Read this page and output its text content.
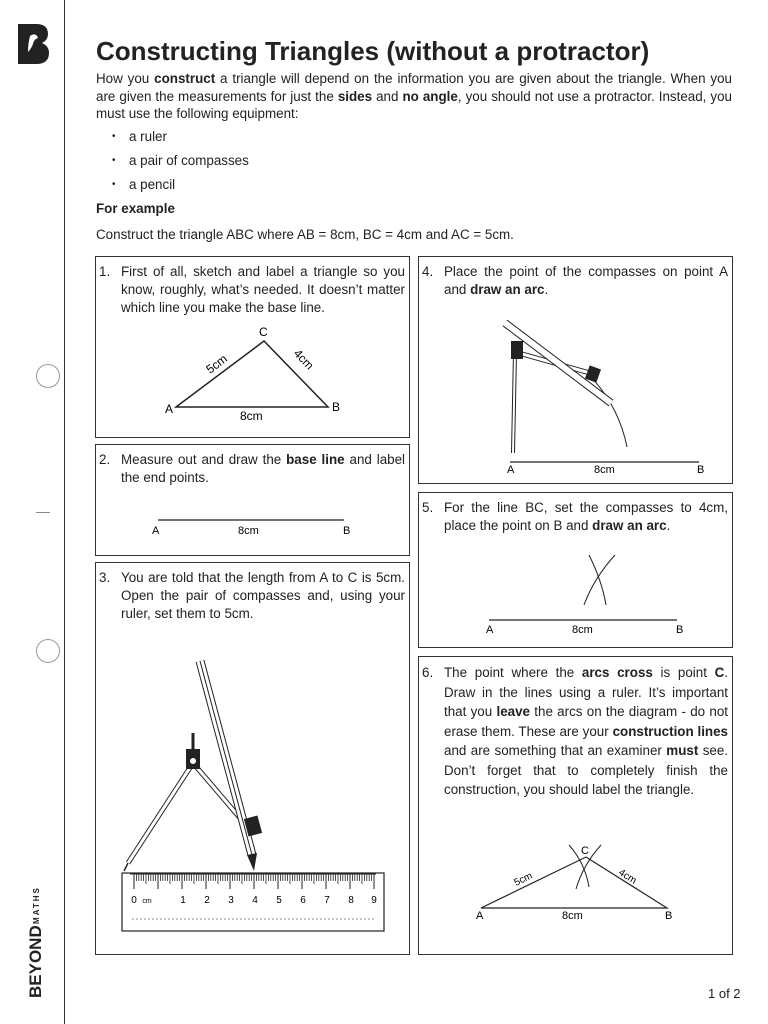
BEYOND
MATHS
Constructing Triangles (without a protractor)
How you construct a triangle will depend on the information you are given about the triangle. When you are given the measurements for just the sides and no angle, you should not use a protractor. Instead, you must use the following equipment:
• a ruler
• a pair of compasses
• a pencil
For example
Construct the triangle ABC where AB = 8cm, BC = 4cm and AC = 5cm.
1. First of all, sketch and label a triangle so you know, roughly, what’s needed. It doesn’t matter which line you make the base line.
A
C
B
8cm
5cm	4cm
2. Measure out and draw the base line and label the end points.
A	8cm	B
3. You are told that the length from A to C is 5cm. Open the pair of compasses and, using your ruler, set them to 5cm.
0 cm	1 2 3 4 5 6 7 8 9
4. Place the point of the compasses on point A and draw an arc.
A	8cm	B
5. For the line BC, set the compasses to 4cm, place the point on B and draw an arc.
A	8cm	B
6. The point where the arcs cross is point C. Draw in the lines using a ruler. It’s important that you leave the arcs on the diagram - do not erase them. These are your construction lines and are something that an examiner must see. Don’t forget that to completely finish the construction, you should label the triangle.
A
C
B
8cm
5cm	4cm
1 of 2
